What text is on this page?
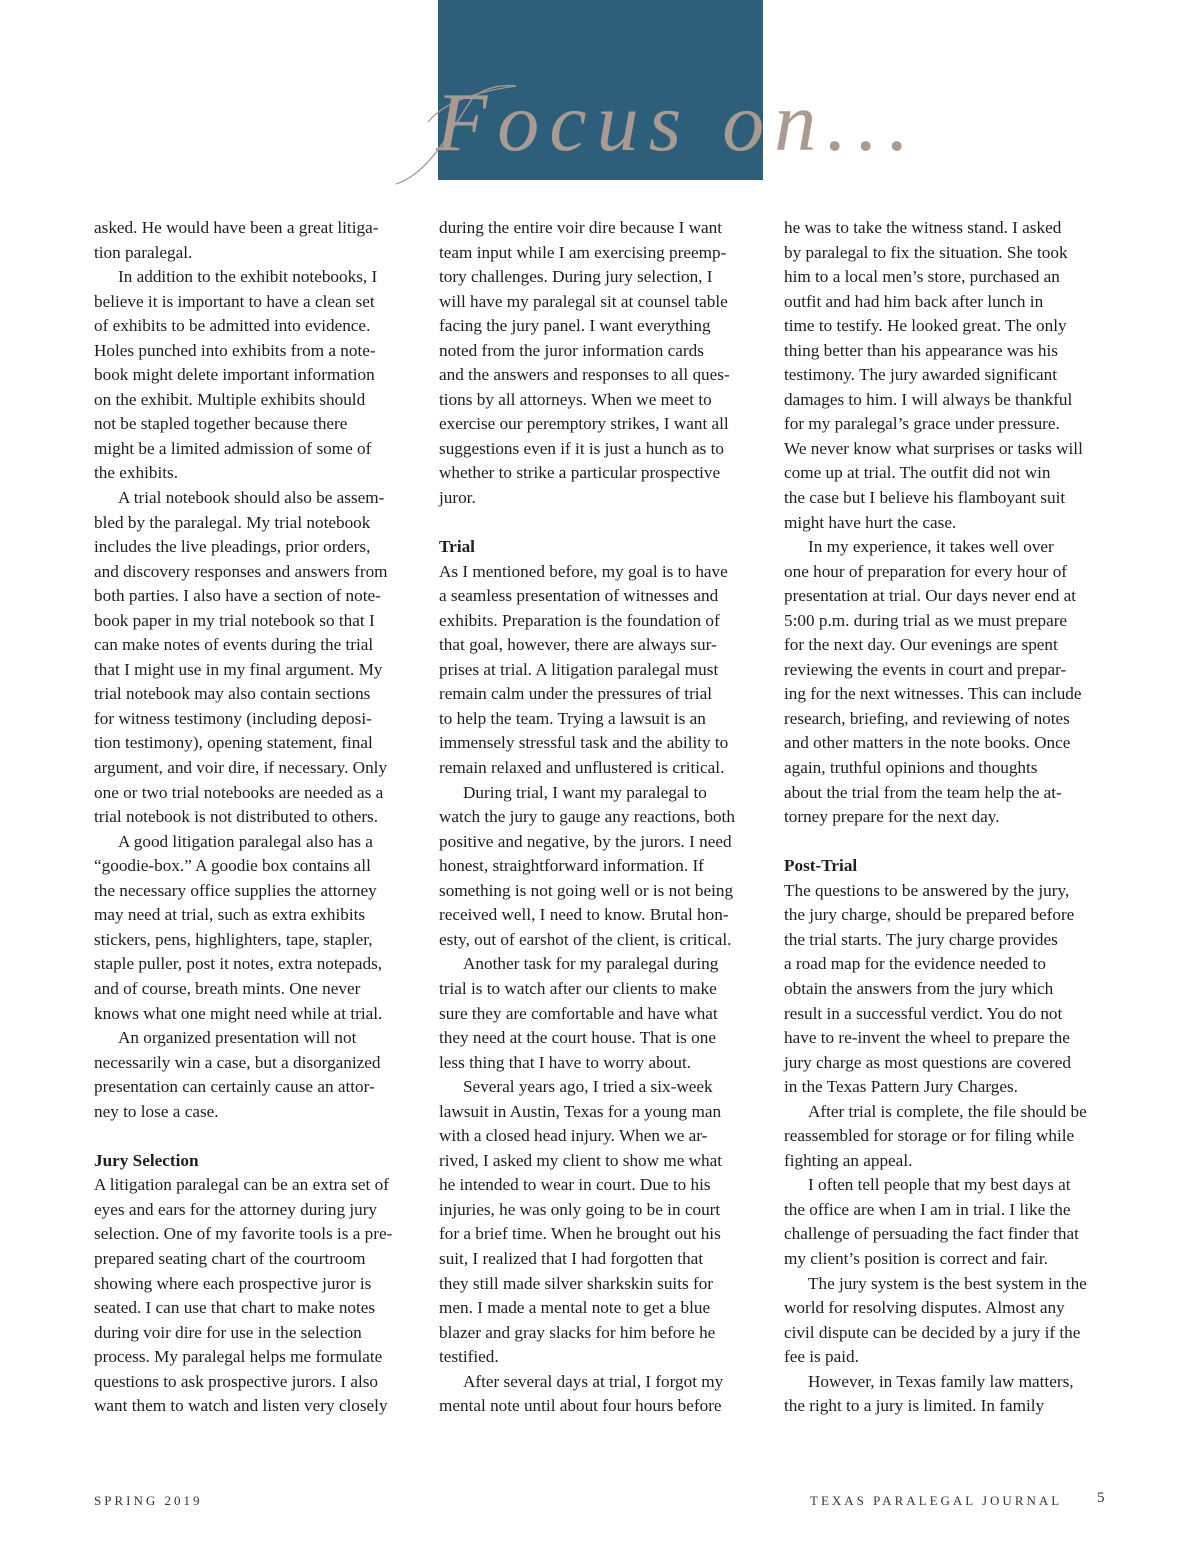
Focus on...
asked. He would have been a great litiga-
tion paralegal.
In addition to the exhibit notebooks, I
believe it is important to have a clean set
of exhibits to be admitted into evidence.
Holes punched into exhibits from a note-
book might delete important information
on the exhibit. Multiple exhibits should
not be stapled together because there
might be a limited admission of some of
the exhibits.
A trial notebook should also be assem-
bled by the paralegal. My trial notebook
includes the live pleadings, prior orders,
and discovery responses and answers from
both parties. I also have a section of note-
book paper in my trial notebook so that I
can make notes of events during the trial
that I might use in my final argument. My
trial notebook may also contain sections
for witness testimony (including deposi-
tion testimony), opening statement, final
argument, and voir dire, if necessary. Only
one or two trial notebooks are needed as a
trial notebook is not distributed to others.
A good litigation paralegal also has a
“goodie-box.” A goodie box contains all
the necessary office supplies the attorney
may need at trial, such as extra exhibits
stickers, pens, highlighters, tape, stapler,
staple puller, post it notes, extra notepads,
and of course, breath mints. One never
knows what one might need while at trial.
An organized presentation will not
necessarily win a case, but a disorganized
presentation can certainly cause an attor-
ney to lose a case.
Jury Selection
A litigation paralegal can be an extra set of
eyes and ears for the attorney during jury
selection. One of my favorite tools is a pre-
prepared seating chart of the courtroom
showing where each prospective juror is
seated. I can use that chart to make notes
during voir dire for use in the selection
process. My paralegal helps me formulate
questions to ask prospective jurors. I also
want them to watch and listen very closely
during the entire voir dire because I want
team input while I am exercising preemp-
tory challenges. During jury selection, I
will have my paralegal sit at counsel table
facing the jury panel. I want everything
noted from the juror information cards
and the answers and responses to all ques-
tions by all attorneys. When we meet to
exercise our peremptory strikes, I want all
suggestions even if it is just a hunch as to
whether to strike a particular prospective
juror.
Trial
As I mentioned before, my goal is to have
a seamless presentation of witnesses and
exhibits. Preparation is the foundation of
that goal, however, there are always sur-
prises at trial. A litigation paralegal must
remain calm under the pressures of trial
to help the team. Trying a lawsuit is an
immensely stressful task and the ability to
remain relaxed and unflustered is critical.
During trial, I want my paralegal to
watch the jury to gauge any reactions, both
positive and negative, by the jurors. I need
honest, straightforward information. If
something is not going well or is not being
received well, I need to know. Brutal hon-
esty, out of earshot of the client, is critical.
Another task for my paralegal during
trial is to watch after our clients to make
sure they are comfortable and have what
they need at the court house. That is one
less thing that I have to worry about.
Several years ago, I tried a six-week
lawsuit in Austin, Texas for a young man
with a closed head injury. When we ar-
rived, I asked my client to show me what
he intended to wear in court. Due to his
injuries, he was only going to be in court
for a brief time. When he brought out his
suit, I realized that I had forgotten that
they still made silver sharkskin suits for
men. I made a mental note to get a blue
blazer and gray slacks for him before he
testified.
After several days at trial, I forgot my
mental note until about four hours before
he was to take the witness stand. I asked
by paralegal to fix the situation. She took
him to a local men’s store, purchased an
outfit and had him back after lunch in
time to testify. He looked great. The only
thing better than his appearance was his
testimony. The jury awarded significant
damages to him. I will always be thankful
for my paralegal’s grace under pressure.
We never know what surprises or tasks will
come up at trial. The outfit did not win
the case but I believe his flamboyant suit
might have hurt the case.
In my experience, it takes well over
one hour of preparation for every hour of
presentation at trial. Our days never end at
5:00 p.m. during trial as we must prepare
for the next day. Our evenings are spent
reviewing the events in court and prepar-
ing for the next witnesses. This can include
research, briefing, and reviewing of notes
and other matters in the note books. Once
again, truthful opinions and thoughts
about the trial from the team help the at-
torney prepare for the next day.
Post-Trial
The questions to be answered by the jury,
the jury charge, should be prepared before
the trial starts. The jury charge provides
a road map for the evidence needed to
obtain the answers from the jury which
result in a successful verdict. You do not
have to re-invent the wheel to prepare the
jury charge as most questions are covered
in the Texas Pattern Jury Charges.
After trial is complete, the file should be
reassembled for storage or for filing while
fighting an appeal.
I often tell people that my best days at
the office are when I am in trial. I like the
challenge of persuading the fact finder that
my client’s position is correct and fair.
The jury system is the best system in the
world for resolving disputes. Almost any
civil dispute can be decided by a jury if the
fee is paid.
However, in Texas family law matters,
the right to a jury is limited. In family
SPRING 2019	TEXAS PARALEGAL JOURNAL 5
